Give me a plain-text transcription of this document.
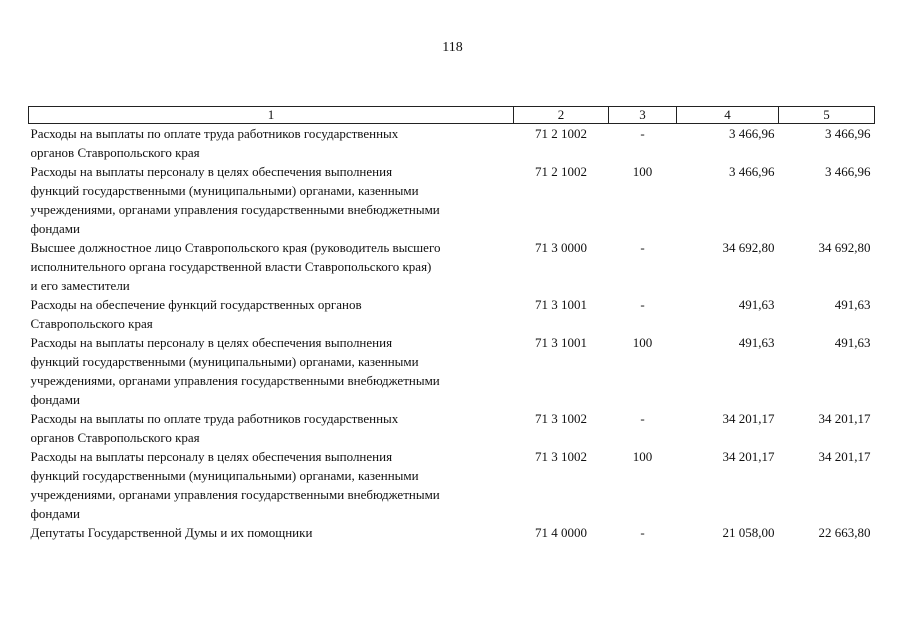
118
1	2	3	4	5

Расходы на выплаты по оплате труда работников государственных
органов Ставропольского края	71 2 1002	-	3 466,96	3 466,96

Расходы на выплаты персоналу в целях обеспечения выполнения
функций государственными (муниципальными) органами, казенными
учреждениями, органами управления государственными внебюджетными
фондами	71 2 1002	100	3 466,96	3 466,96

Высшее должностное лицо Ставропольского края (руководитель высшего
исполнительного органа государственной власти Ставропольского края)
и его заместители	71 3 0000	-	34 692,80	34 692,80

Расходы на обеспечение функций государственных органов
Ставропольского края	71 3 1001	-	491,63	491,63

Расходы на выплаты персоналу в целях обеспечения выполнения
функций государственными (муниципальными) органами, казенными
учреждениями, органами управления государственными внебюджетными
фондами	71 3 1001	100	491,63	491,63

Расходы на выплаты по оплате труда работников государственных
органов Ставропольского края	71 3 1002	-	34 201,17	34 201,17

Расходы на выплаты персоналу в целях обеспечения выполнения
функций государственными (муниципальными) органами, казенными
учреждениями, органами управления государственными внебюджетными
фондами	71 3 1002	100	34 201,17	34 201,17

Депутаты Государственной Думы и их помощники	71 4 0000	-	21 058,00	22 663,80
